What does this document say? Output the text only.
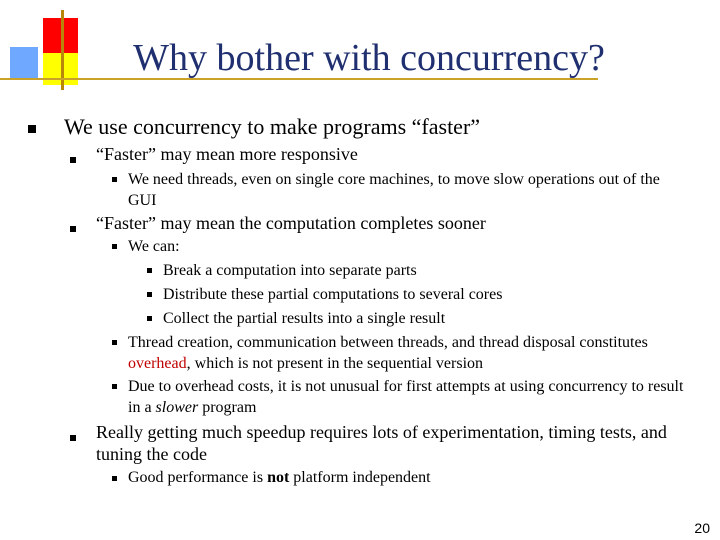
Why bother with concurrency?
We use concurrency to make programs “faster”
“Faster” may mean more responsive
We need threads, even on single core machines, to move slow operations out of the GUI
“Faster” may mean the computation completes sooner
We can:
Break a computation into separate parts
Distribute these partial computations to several cores
Collect the partial results into a single result
Thread creation, communication between threads, and thread disposal constitutes overhead, which is not present in the sequential version
Due to overhead costs, it is not unusual for first attempts at using concurrency to result in a slower program
Really getting much speedup requires lots of experimentation, timing tests, and tuning the code
Good performance is not platform independent
20
